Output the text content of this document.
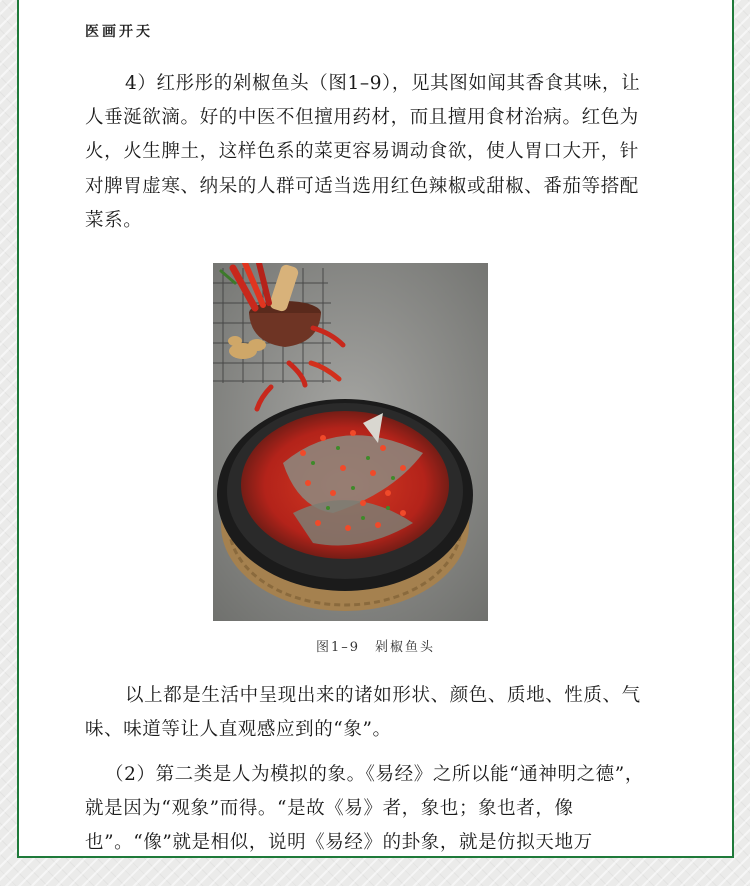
医画开天

4）红彤彤的剁椒鱼头（图1–9），见其图如闻其香食其味，让人垂涎欲滴。好的中医不但擅用药材，而且擅用食材治病。红色为火，火生脾土，这样色系的菜更容易调动食欲，使人胃口大开，针对脾胃虚寒、纳呆的人群可适当选用红色辣椒或甜椒、番茄等搭配菜系。

图1–9　剁椒鱼头

以上都是生活中呈现出来的诸如形状、颜色、质地、性质、气味、味道等让人直观感应到的“象”。

（2）第二类是人为模拟的象。《易经》之所以能“通神明之德”，就是因为“观象”而得。“是故《易》者，象也；象也者，像也”。“像”就是相似，说明《易经》的卦象，就是仿拟天地万
